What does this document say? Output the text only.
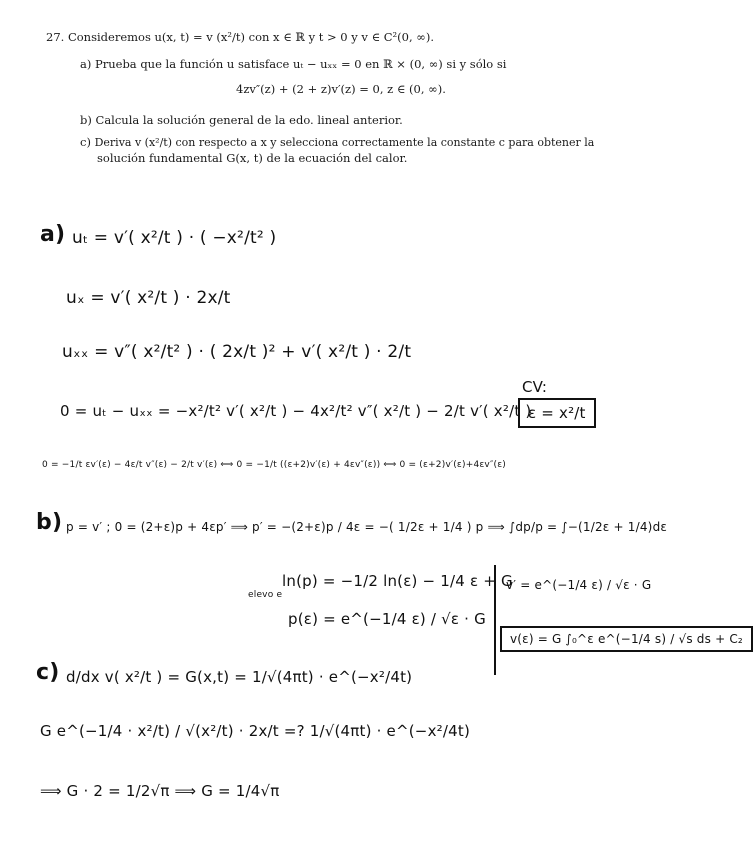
27. Consideremos u(x, t) = v (x²/t) con x ∈ ℝ y t > 0 y v ∈ C²(0, ∞).
a) Prueba que la función u satisface uₜ − uₓₓ = 0 en ℝ × (0, ∞) si y sólo si
4zv″(z) + (2 + z)v′(z) = 0, z ∈ (0, ∞).
b) Calcula la solución general de la edo. lineal anterior.
c) Deriva v (x²/t) con respecto a x y selecciona correctamente la constante c para obtener la
solución fundamental G(x, t) de la ecuación del calor.
a) uₜ = v′( x²/t ) · ( −x²/t² )
uₓ = v′( x²/t ) · 2x/t
uₓₓ = v″( x²/t² ) · ( 2x/t )² + v′( x²/t ) · 2/t
0 = uₜ − uₓₓ = −x²/t² v′( x²/t ) − 4x²/t² v″( x²/t ) − 2/t v′( x²/t )
CV:
ε = x²/t
0 = −1/t εv′(ε) − 4ε/t v″(ε) − 2/t v′(ε) ⟺ 0 = −1/t ((ε+2)v′(ε) + 4εv″(ε)) ⟺ 0 = (ε+2)v′(ε)+4εv″(ε)
b) p = v′ ; 0 = (2+ε)p + 4εp′ ⟹ p′ = −(2+ε)p / 4ε = −( 1/2ε + 1/4 ) p ⟹ ∫dp/p = ∫−(1/2ε + 1/4)dε
elevo e
ln(p) = −1/2 ln(ε) − 1/4 ε + G
p(ε) = e^(−1/4 ε) / √ε · G
v′ = e^(−1/4 ε) / √ε · G
v(ε) = G ∫₀^ε e^(−1/4 s) / √s ds + C₂
c) d/dx v( x²/t ) = G(x,t) = 1/√(4πt) · e^(−x²/4t)
G e^(−1/4 · x²/t) / √(x²/t) · 2x/t =? 1/√(4πt) · e^(−x²/4t)
⟹ G · 2 = 1/2√π ⟹ G = 1/4√π
